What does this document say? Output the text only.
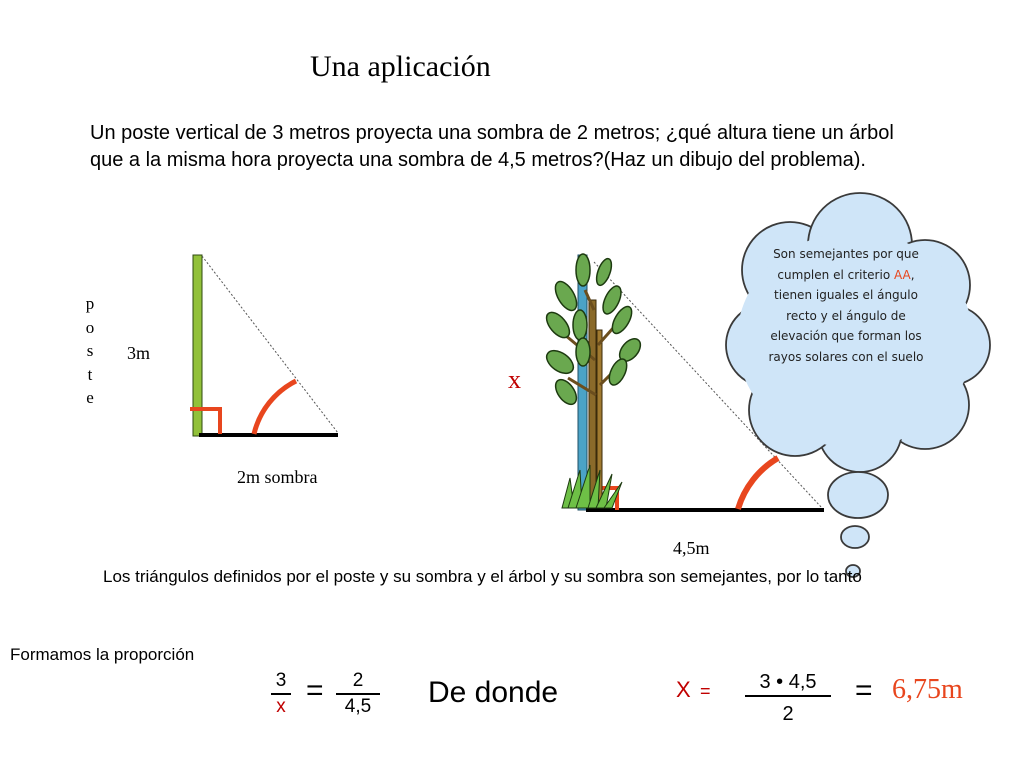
Una aplicación
Un poste vertical de 3 metros proyecta una sombra de 2 metros; ¿qué altura tiene un árbol que a la misma hora proyecta una sombra de 4,5 metros?(Haz un dibujo del problema).
p
o
s
t
e
3m
2m sombra
x
4,5m
Son semejantes por que cumplen el criterio AA, tienen iguales el ángulo recto y el ángulo de elevación que forman los rayos solares con el suelo
Los triángulos definidos por el poste y su sombra y el árbol y su sombra son semejantes, por lo tanto
Formamos la proporción
$\frac{3}{x} = \frac{2}{4,5}$ De donde	$X = \frac{3 • 4,5}{2} = 6,75m$
